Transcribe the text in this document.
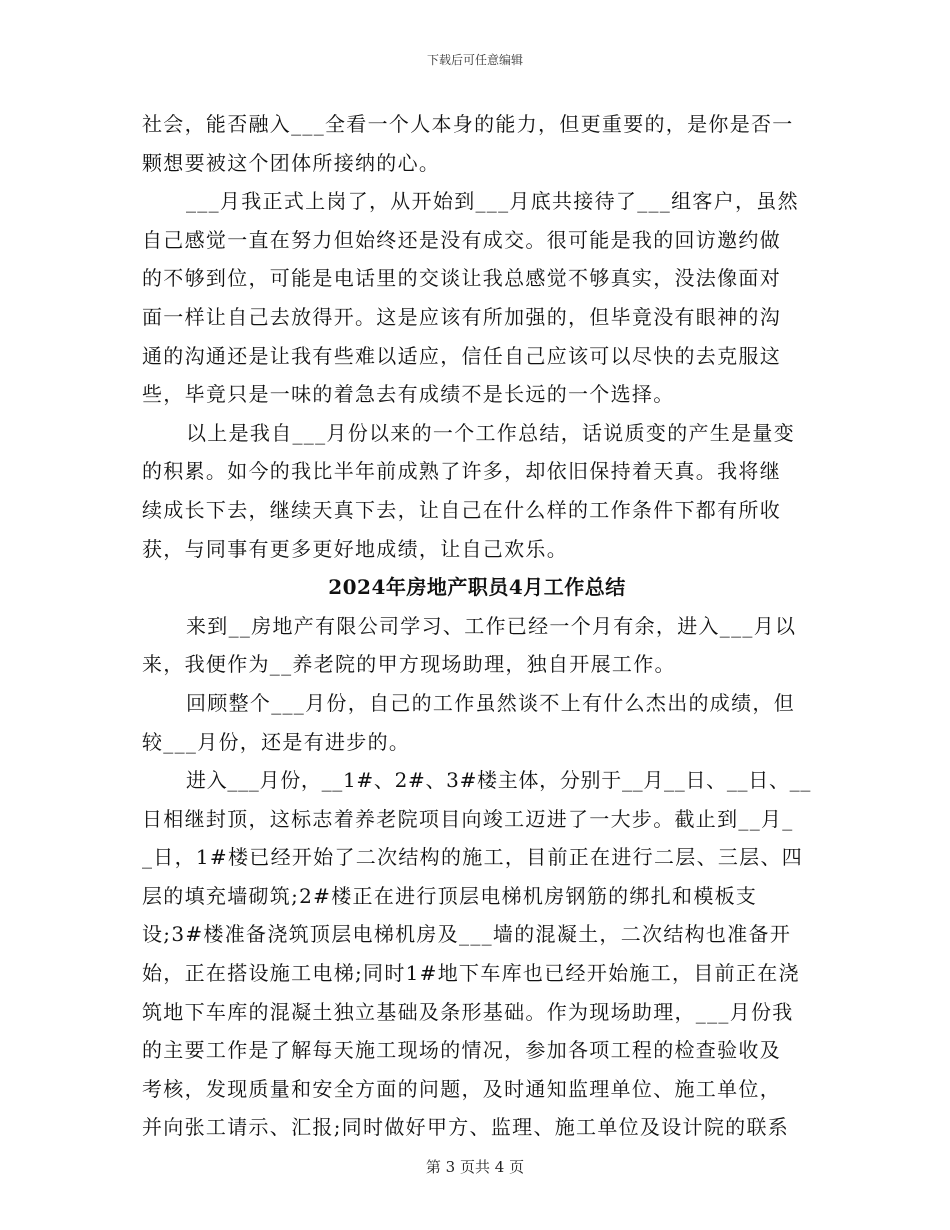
下载后可任意编辑
社会，能否融入___全看一个人本身的能力，但更重要的，是你是否一
颗想要被这个团体所接纳的心。
___月我正式上岗了，从开始到___月底共接待了___组客户，虽然
自己感觉一直在努力但始终还是没有成交。很可能是我的回访邀约做
的不够到位，可能是电话里的交谈让我总感觉不够真实，没法像面对
面一样让自己去放得开。这是应该有所加强的，但毕竟没有眼神的沟
通的沟通还是让我有些难以适应，信任自己应该可以尽快的去克服这
些，毕竟只是一味的着急去有成绩不是长远的一个选择。
以上是我自___月份以来的一个工作总结，话说质变的产生是量变
的积累。如今的我比半年前成熟了许多，却依旧保持着天真。我将继
续成长下去，继续天真下去，让自己在什么样的工作条件下都有所收
获，与同事有更多更好地成绩，让自己欢乐。
2024年房地产职员4月工作总结
来到__房地产有限公司学习、工作已经一个月有余，进入___月以
来，我便作为__养老院的甲方现场助理，独自开展工作。
回顾整个___月份，自己的工作虽然谈不上有什么杰出的成绩，但
较___月份，还是有进步的。
进入___月份，__1#、2#、3#楼主体，分别于__月__日、__日、__
日相继封顶，这标志着养老院项目向竣工迈进了一大步。截止到__月_
_日，1#楼已经开始了二次结构的施工，目前正在进行二层、三层、四
层的填充墙砌筑;2#楼正在进行顶层电梯机房钢筋的绑扎和模板支
设;3#楼准备浇筑顶层电梯机房及___墙的混凝土，二次结构也准备开
始，正在搭设施工电梯;同时1#地下车库也已经开始施工，目前正在浇
筑地下车库的混凝土独立基础及条形基础。作为现场助理，___月份我
的主要工作是了解每天施工现场的情况，参加各项工程的检查验收及
考核，发现质量和安全方面的问题，及时通知监理单位、施工单位，
并向张工请示、汇报;同时做好甲方、监理、施工单位及设计院的联系
第 3 页共 4 页
